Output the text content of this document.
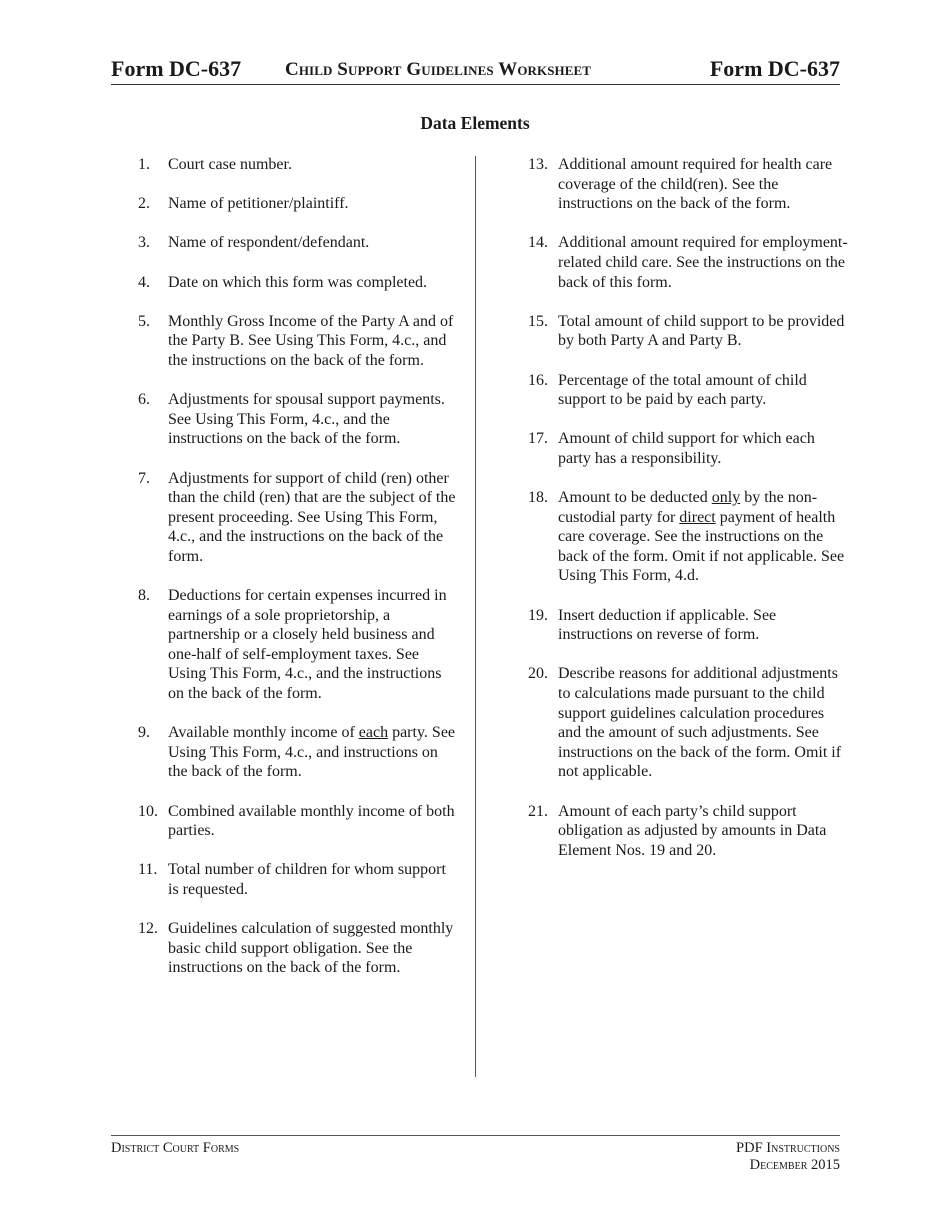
Form DC-637 Child Support Guidelines Worksheet	Form DC-637
Data Elements
1. Court case number.
2. Name of petitioner/plaintiff.
3. Name of respondent/defendant.
4. Date on which this form was completed.
5. Monthly Gross Income of the Party A and of the Party B. See Using This Form, 4.c., and the instructions on the back of the form.
6. Adjustments for spousal support payments. See Using This Form, 4.c., and the instructions on the back of the form.
7. Adjustments for support of child (ren) other than the child (ren) that are the subject of the present proceeding. See Using This Form, 4.c., and the instructions on the back of the form.
8. Deductions for certain expenses incurred in earnings of a sole proprietorship, a partnership or a closely held business and one-half of self-employment taxes. See Using This Form, 4.c., and the instructions on the back of the form.
9. Available monthly income of each party. See Using This Form, 4.c., and instructions on the back of the form.
10. Combined available monthly income of both parties.
11. Total number of children for whom support is requested.
12. Guidelines calculation of suggested monthly basic child support obligation. See the instructions on the back of the form.
13. Additional amount required for health care coverage of the child(ren). See the instructions on the back of the form.
14. Additional amount required for employment-related child care. See the instructions on the back of this form.
15. Total amount of child support to be provided by both Party A and Party B.
16. Percentage of the total amount of child support to be paid by each party.
17. Amount of child support for which each party has a responsibility.
18. Amount to be deducted only by the non-custodial party for direct payment of health care coverage. See the instructions on the back of the form. Omit if not applicable. See Using This Form, 4.d.
19. Insert deduction if applicable. See instructions on reverse of form.
20. Describe reasons for additional adjustments to calculations made pursuant to the child support guidelines calculation procedures and the amount of such adjustments. See instructions on the back of the form. Omit if not applicable.
21. Amount of each party’s child support obligation as adjusted by amounts in Data Element Nos. 19 and 20.
District Court Forms	PDF Instructions
December 2015
